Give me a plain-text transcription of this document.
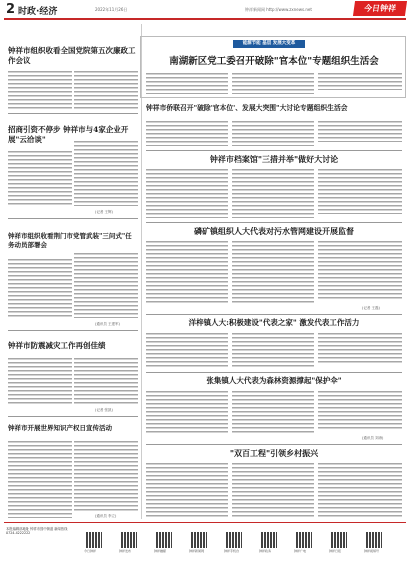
2 时政·经济	2022年11月26日	钟祥新闻网 http://www.zxnews.net	今日钟祥
钟祥市组织收看全国党院第五次廉政工作会议
招商引资不停步 钟祥市与4家企业开展"云洽谈"
(记者 王辉)
钟祥市组织收看荆门市党管武装"三问式"任务动员部署会
(通讯员 王建军)
钟祥市防震减灾工作再创佳绩
(记者 张凯)
钟祥市开展世界知识产权日宣传活动
(通讯员 李立)
能源节能 基层 发展大变革
南湖新区党工委召开破除"官本位"专题组织生活会
钟祥市侨联召开"破除'官本位'、发展大突围"大讨论专题组织生活会
钟祥市档案馆"三措并举"做好大讨论
磷矿镇组织人大代表对污水管网建设开展监督
(记者 王磊)
洋梓镇人大:积极建设"代表之家" 激发代表工作活力
张集镇人大代表为森林资源撑起"保护伞"
(通讯员 刘涛)
"双百工程"引领乡村振兴
本报编辑部地址 钟祥市郢中街道 新闻热线 0724-4222222
今日钟祥	钟祥发布	钟祥融媒	钟祥新闻网	钟祥手机台	钟祥政务	钟祥广电	钟祥日报	钟祥视频号
